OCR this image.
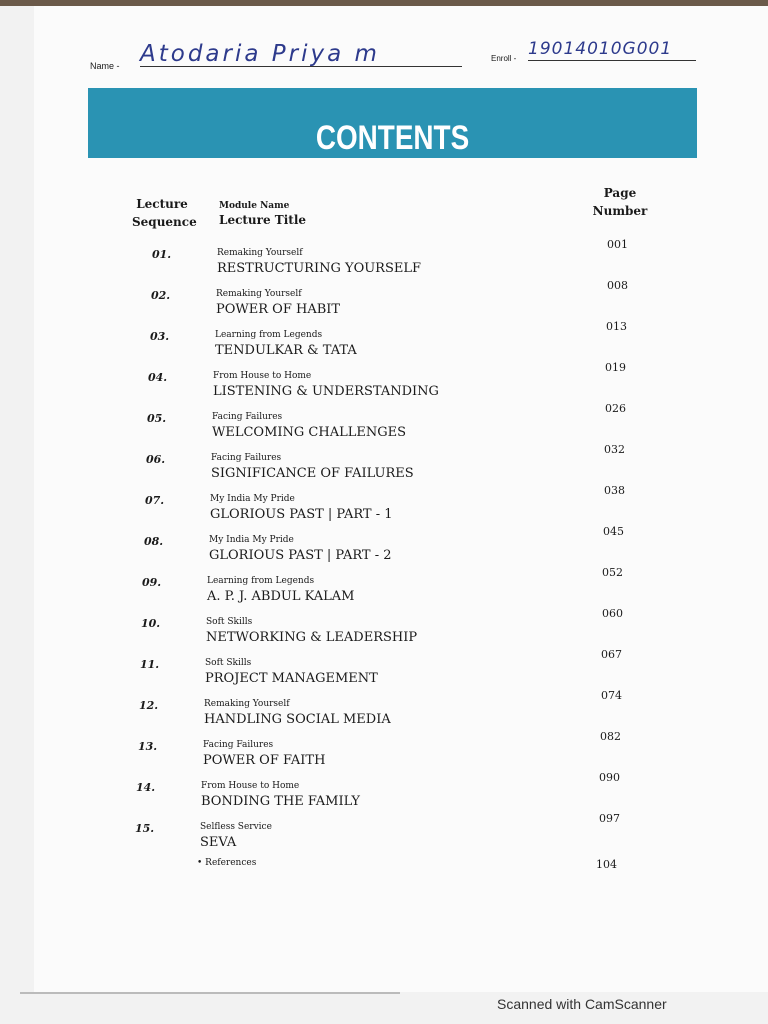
Name - Atodaria Priya m	Enroll - 19014010G001
CONTENTS
Lecture
Sequence
Module Name
Lecture Title
Page
Number
01.	Remaking Yourself
RESTRUCTURING YOURSELF
001
02.	Remaking Yourself
POWER OF HABIT
008
03.	Learning from Legends
TENDULKAR & TATA
013
04.	From House to Home
LISTENING & UNDERSTANDING
019
05.	Facing Failures
WELCOMING CHALLENGES
026
06.	Facing Failures
SIGNIFICANCE OF FAILURES
032
07.	My India My Pride
GLORIOUS PAST | PART - 1
038
08.	My India My Pride
GLORIOUS PAST | PART - 2
045
09.	Learning from Legends
A. P. J. ABDUL KALAM
052
10.	Soft Skills
NETWORKING & LEADERSHIP
060
11.	Soft Skills
PROJECT MANAGEMENT
067
12.	Remaking Yourself
HANDLING SOCIAL MEDIA
074
13.	Facing Failures
POWER OF FAITH
082
14.	From House to Home
BONDING THE FAMILY
090
15.	Selfless Service
SEVA
097
• References	104
Scanned with CamScanner
